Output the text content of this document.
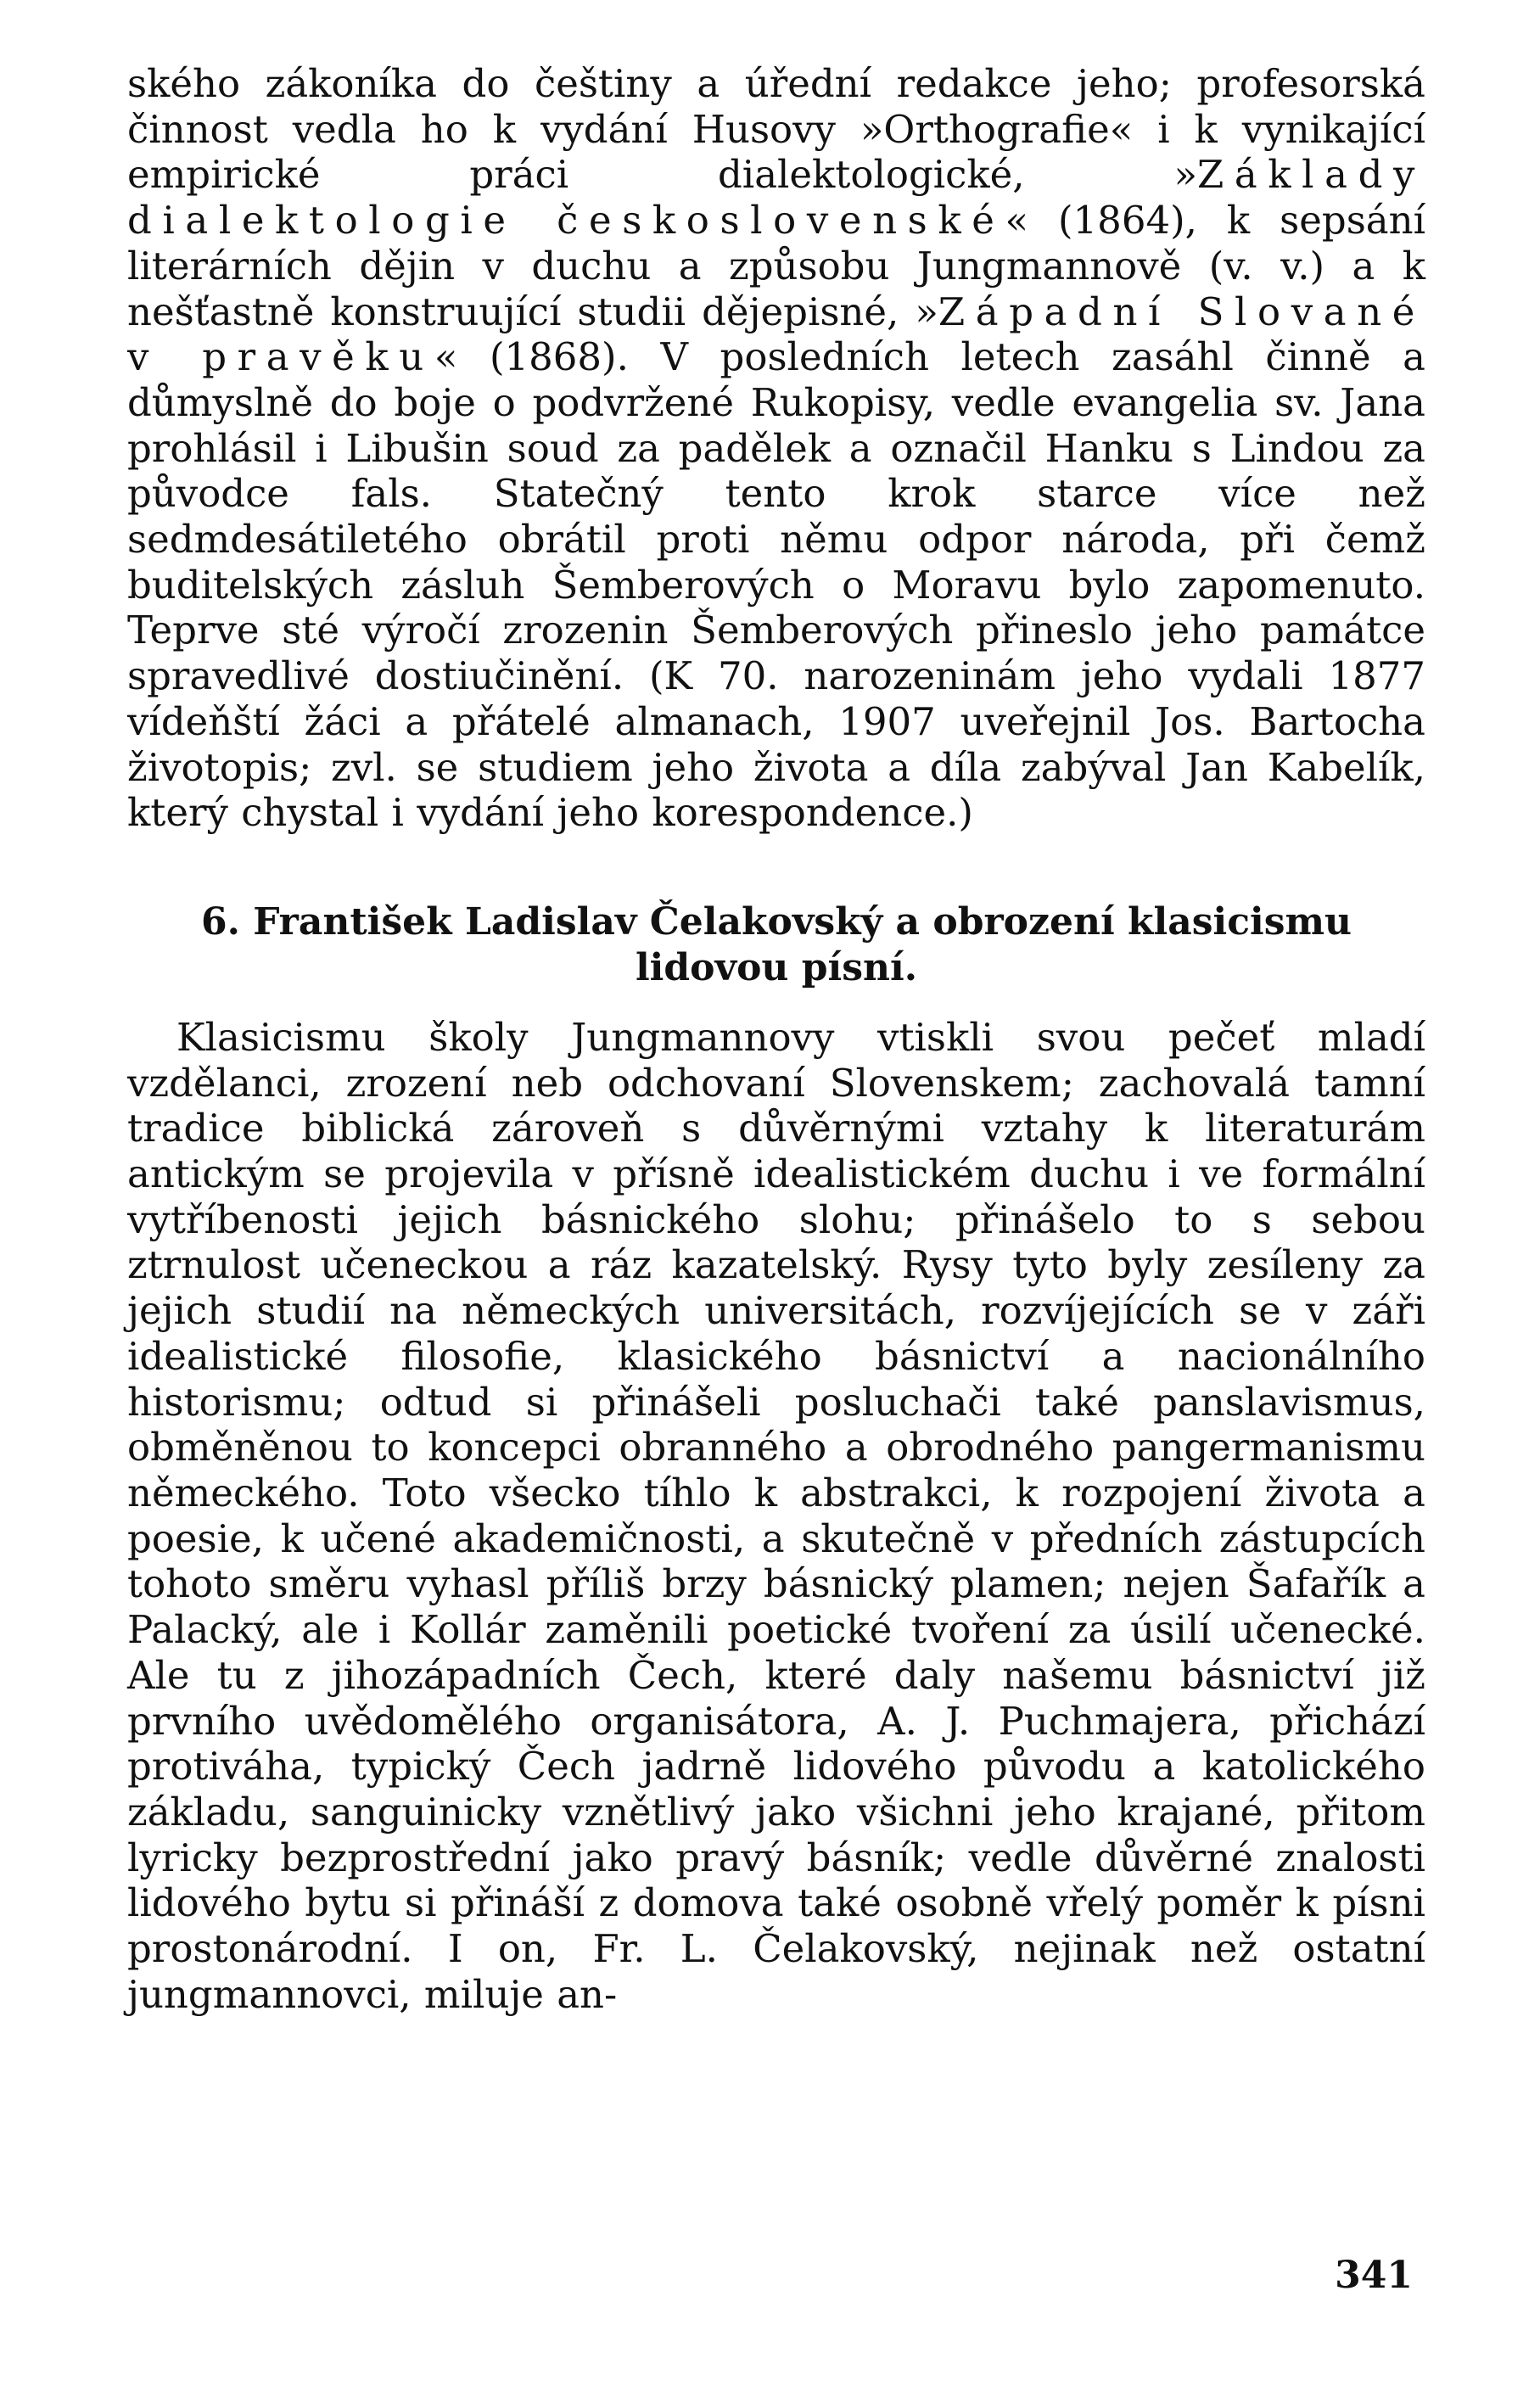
ského zákoníka do češtiny a úřední redakce jeho; profesorská činnost vedla ho k vydání Husovy »Orthografie« i k vynikající empirické práci dialektologické, »Základy dialektologie československé« (1864), k sepsání literárních dějin v duchu a způsobu Jungmannově (v. v.) a k nešťastně konstruující studii dějepisné, »Západní Slované v pravěku« (1868). V posledních letech zasáhl činně a důmyslně do boje o podvržené Rukopisy, vedle evangelia sv. Jana prohlásil i Libušin soud za padělek a označil Hanku s Lindou za původce fals. Statečný tento krok starce více než sedmdesátiletého obrátil proti němu odpor národa, při čemž buditelských zásluh Šemberových o Moravu bylo zapomenuto. Teprve sté výročí zrozenin Šemberových přineslo jeho památce spravedlivé dostiučinění. (K 70. narozeninám jeho vydali 1877 vídeňští žáci a přátelé almanach, 1907 uveřejnil Jos. Bartocha životopis; zvl. se studiem jeho života a díla zabýval Jan Kabelík, který chystal i vydání jeho korespondence.)

6. František Ladislav Čelakovský a obrození klasicismu lidovou písní.

Klasicismu školy Jungmannovy vtiskli svou pečeť mladí vzdělanci, zrození neb odchovaní Slovenskem; zachovalá tamní tradice biblická zároveň s důvěrnými vztahy k literaturám antickým se projevila v přísně idealistickém duchu i ve formální vytříbenosti jejich básnického slohu; přinášelo to s sebou ztrnulost učeneckou a ráz kazatelský. Rysy tyto byly zesíleny za jejich studií na německých universitách, rozvíjejících se v záři idealistické filosofie, klasického básnictví a nacionálního historismu; odtud si přinášeli posluchači také panslavismus, obměněnou to koncepci obranného a obrodného pangermanismu německého. Toto všecko tíhlo k abstrakci, k rozpojení života a poesie, k učené akademičnosti, a skutečně v předních zástupcích tohoto směru vyhasl příliš brzy básnický plamen; nejen Šafařík a Palacký, ale i Kollár zaměnili poetické tvoření za úsilí učenecké. Ale tu z jihozápadních Čech, které daly našemu básnictví již prvního uvědomělého organisátora, A. J. Puchmajera, přichází protiváha, typický Čech jadrně lidového původu a katolického základu, sanguinicky vznětlivý jako všichni jeho krajané, přitom lyricky bezprostřední jako pravý básník; vedle důvěrné znalosti lidového bytu si přináší z domova také osobně vřelý poměr k písni prostonárodní. I on, Fr. L. Čelakovský, nejinak než ostatní jungmannovci, miluje an-

341
